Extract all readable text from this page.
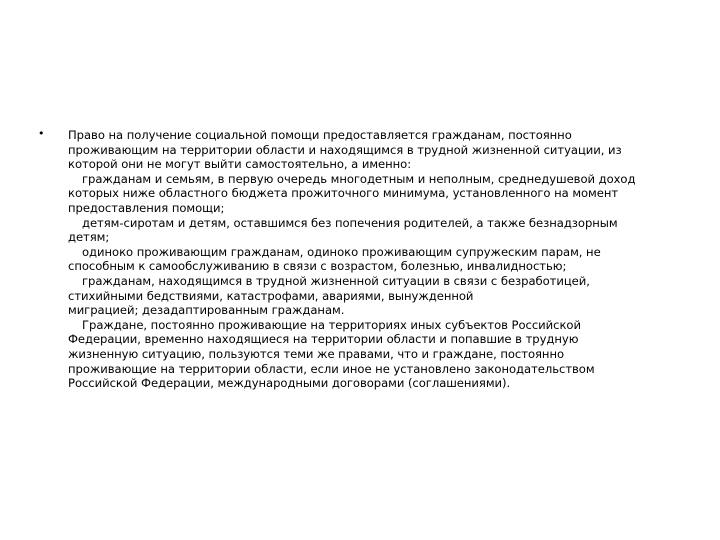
• Право на получение социальной помощи предоставляется гражданам, постоянно
проживающим на территории области и находящимся в трудной жизненной ситуации, из
которой они не могут выйти самостоятельно, а именно:
гражданам и семьям, в первую очередь многодетным и неполным, среднедушевой доход
которых ниже областного бюджета прожиточного минимума, установленного на момент
предоставления помощи;
детям-сиротам и детям, оставшимся без попечения родителей, а также безнадзорным
детям;
одиноко проживающим гражданам, одиноко проживающим супружеским парам, не
способным к самообслуживанию в связи с возрастом, болезнью, инвалидностью;
гражданам, находящимся в трудной жизненной ситуации в связи с безработицей,
стихийными бедствиями, катастрофами, авариями, вынужденной
миграцией; дезадаптированным гражданам.
Граждане, постоянно проживающие на территориях иных субъектов Российской
Федерации, временно находящиеся на территории области и попавшие в трудную
жизненную ситуацию, пользуются теми же правами, что и граждане, постоянно
проживающие на территории области, если иное не установлено законодательством
Российской Федерации, международными договорами (соглашениями).
